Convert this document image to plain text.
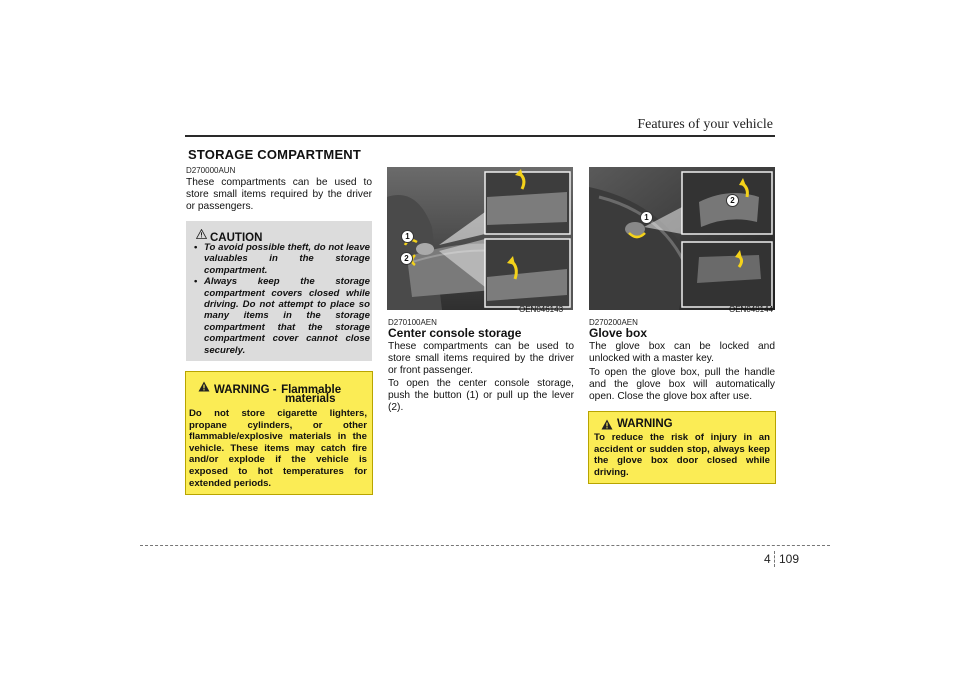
Features of your vehicle
STORAGE COMPARTMENT
D270000AUN
These compartments can be used to store small items required by the driver or passengers.
CAUTION
• To avoid possible theft, do not leave valuables in the storage compartment.
• Always keep the storage compartment covers closed while driving. Do not attempt to place so many items in the storage compartment that the storage compartment cover cannot close securely.
WARNING - Flammable
materials
Do not store cigarette lighters, propane cylinders, or other flammable/explosive materials in the vehicle. These items may catch fire and/or explode if the vehicle is exposed to hot temperatures for extended periods.
1
2
OEN046143
D270100AEN
Center console storage
These compartments can be used to store small items required by the driver or front passenger.
To open the center console storage, push the button (1) or pull up the lever (2).
1
2
OEN048144
D270200AEN
Glove box
The glove box can be locked and unlocked with a master key.
To open the glove box, pull the handle and the glove box will automatically open. Close the glove box after use.
WARNING
To reduce the risk of injury in an accident or sudden stop, always keep the glove box door closed while driving.
4 109
